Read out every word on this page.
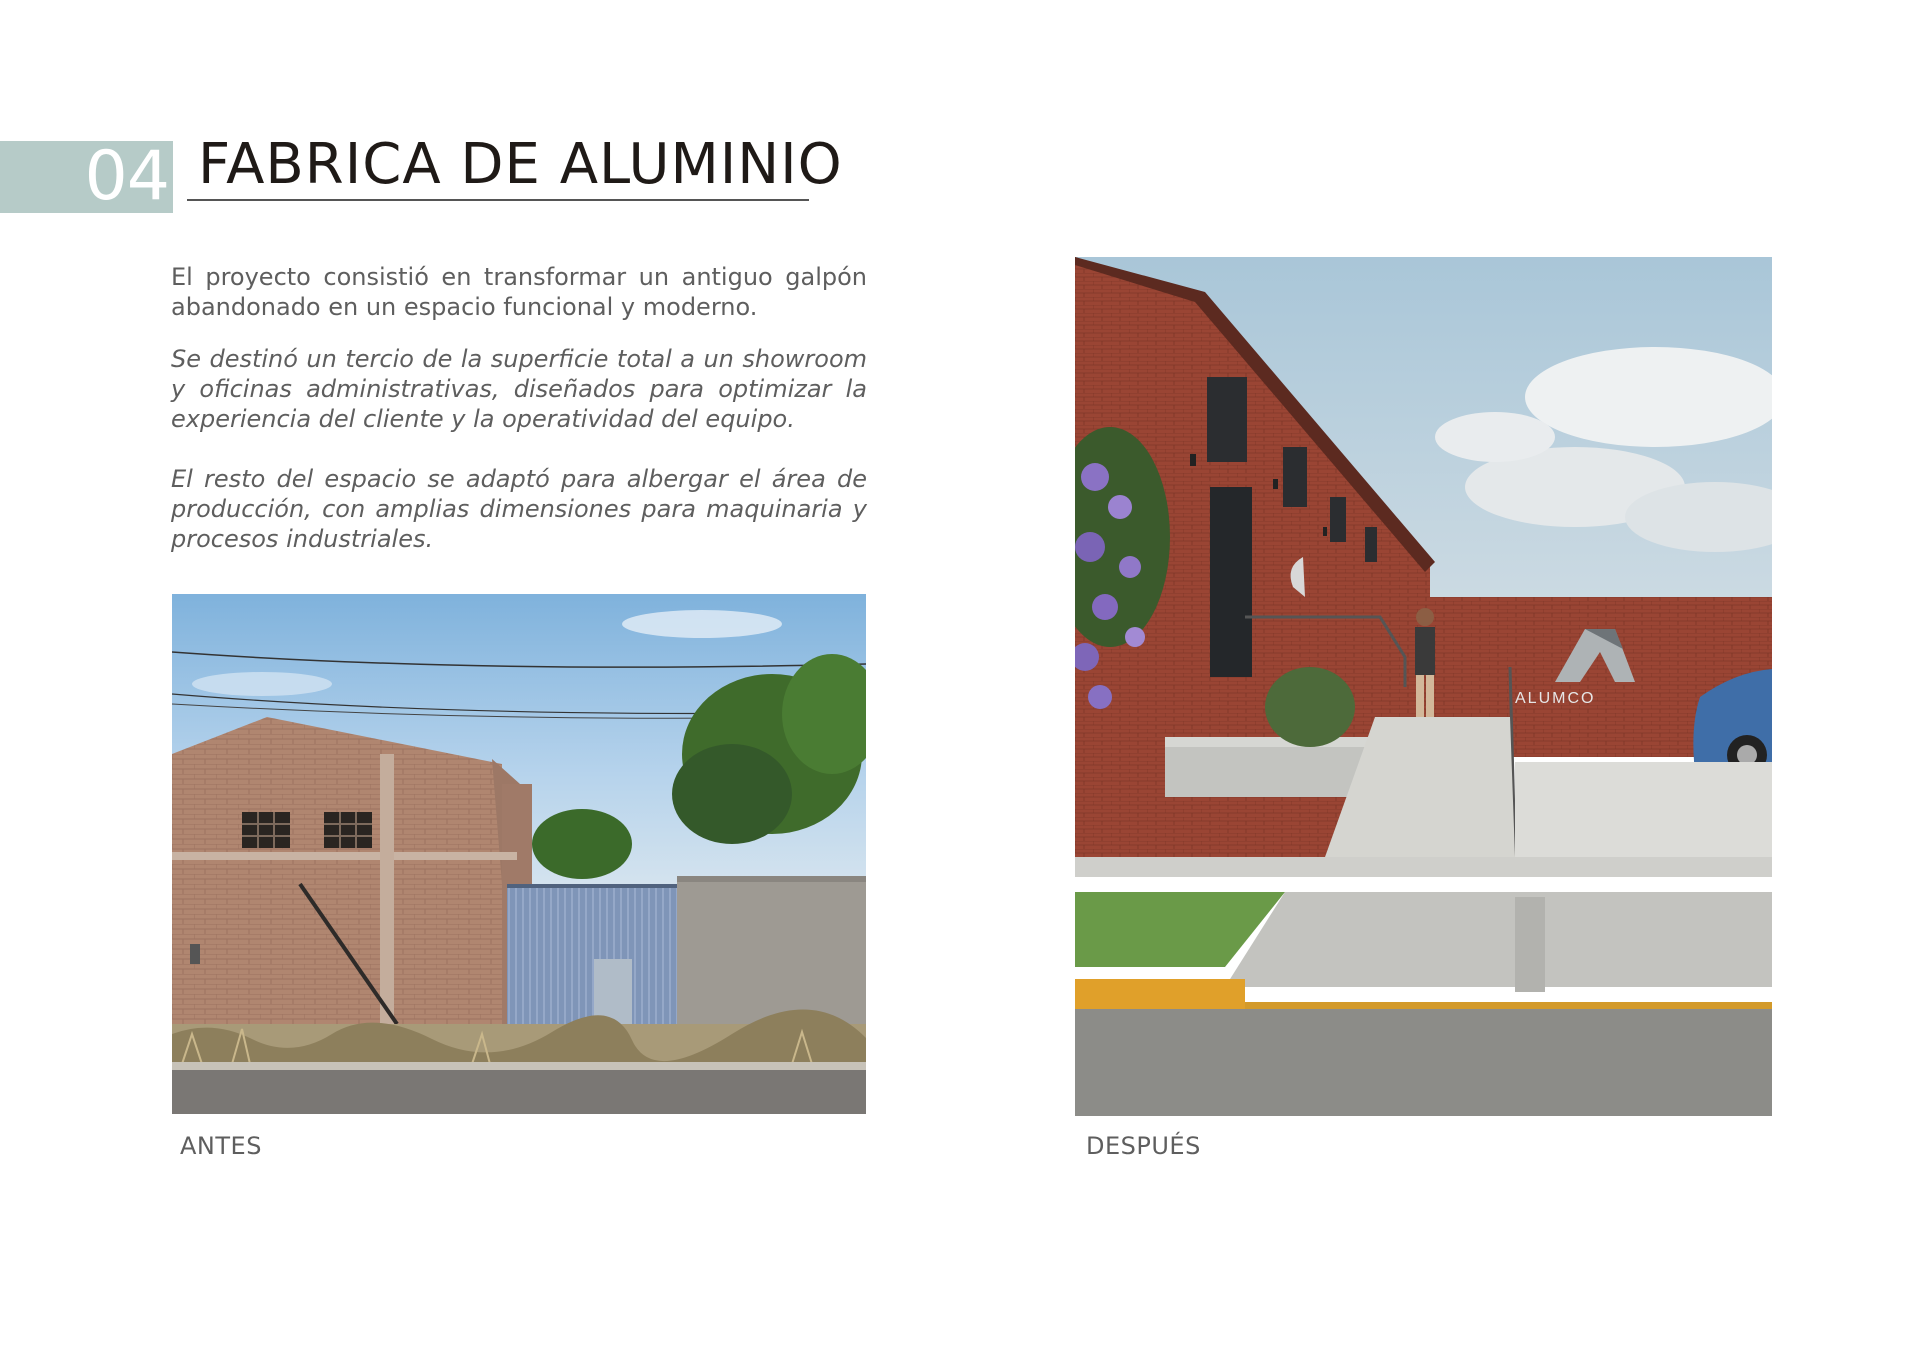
04 FABRICA DE ALUMINIO

El proyecto consistió en transformar un antiguo galpón abandonado en un espacio funcional y moderno.

Se destinó un tercio de la superficie total a un showroom y oficinas administrativas, diseñados para optimizar la experiencia del cliente y la operatividad del equipo.

El resto del espacio se adaptó para albergar el área de producción, con amplias dimensiones para maquinaria y procesos industriales.

ANTES
ALUMCO
DESPUÉS
